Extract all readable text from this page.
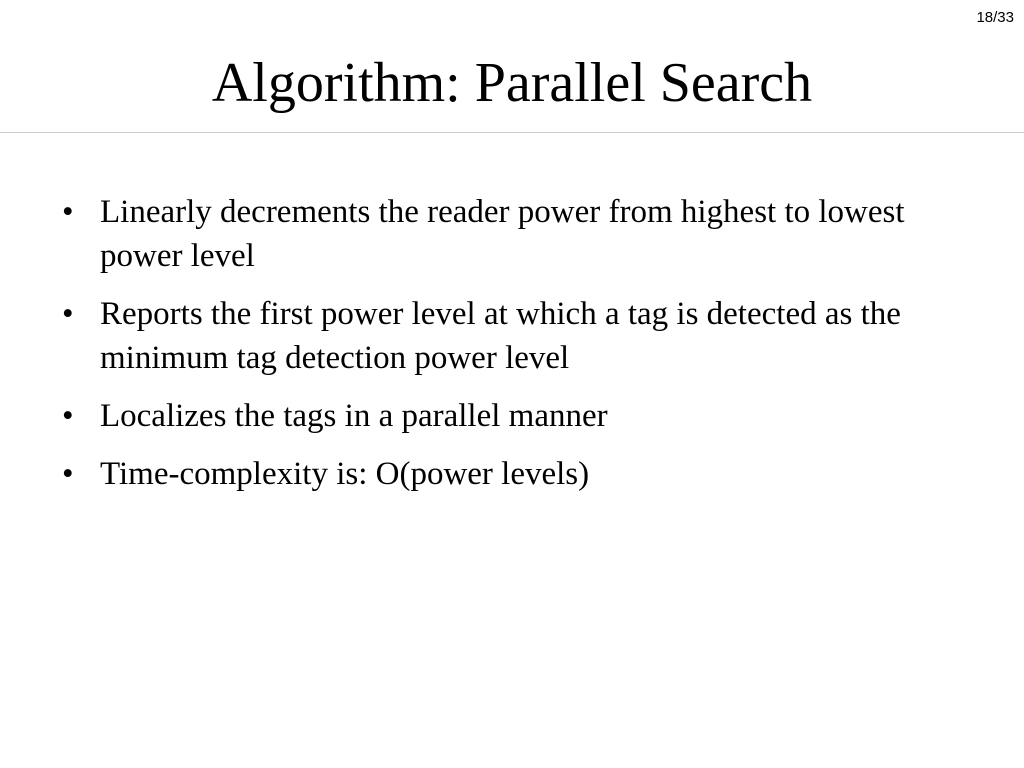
18/33
Algorithm: Parallel Search
• Linearly decrements the reader power from highest to lowest power level
• Reports the first power level at which a tag is detected as the minimum tag detection power level
• Localizes the tags in a parallel manner
• Time-complexity is: O(power levels)
